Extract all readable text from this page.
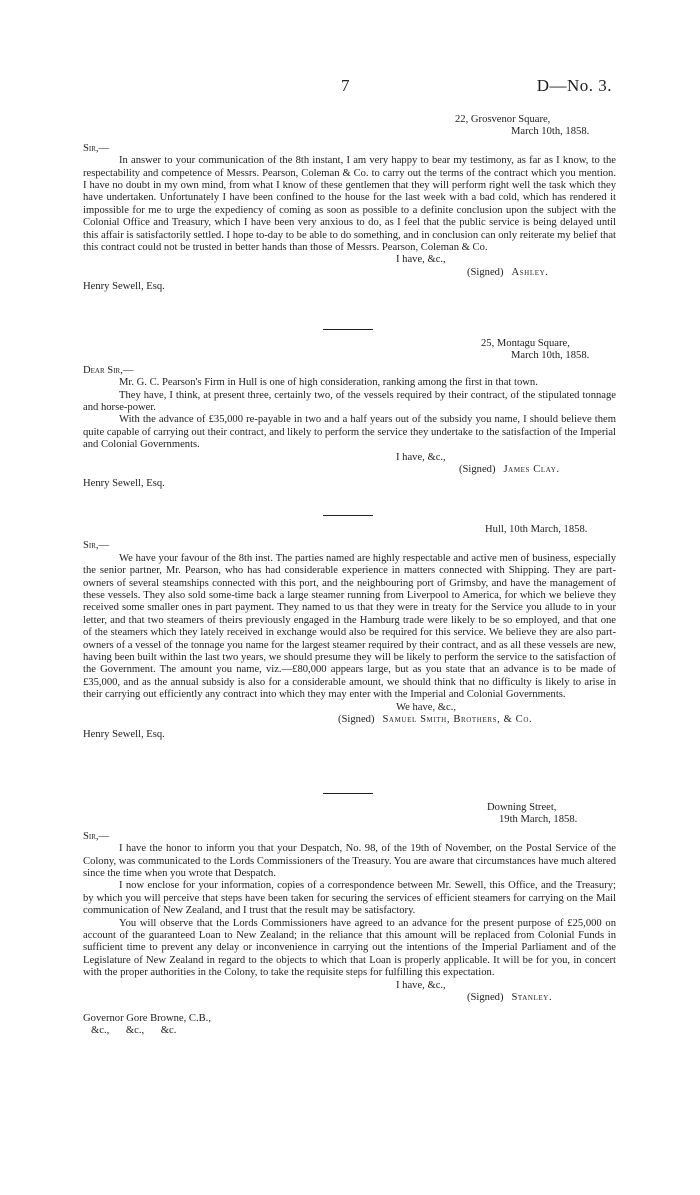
7	D—No. 3.
22, Grosvenor Square,
March 10th, 1858.
Sir,—

In answer to your communication of the 8th instant, I am very happy to bear my testimony, as far as I know, to the respectability and competence of Messrs. Pearson, Coleman & Co. to carry out the terms of the contract which you mention. I have no doubt in my own mind, from what I know of these gentlemen that they will perform right well the task which they have undertaken. Unfortunately I have been confined to the house for the last week with a bad cold, which has rendered it impossible for me to urge the expediency of coming as soon as possible to a definite conclusion upon the subject with the Colonial Office and Treasury, which I have been very anxious to do, as I feel that the public service is being delayed until this affair is satisfactorily settled. I hope to-day to be able to do something, and in conclusion can only reiterate my belief that this contract could not be trusted in better hands than those of Messrs. Pearson, Coleman & Co.

I have, &c.,
(Signed) Ashley.
Henry Sewell, Esq.
25, Montagu Square,
March 10th, 1858.
Dear Sir,—

Mr. G. C. Pearson's Firm in Hull is one of high consideration, ranking among the first in that town.

They have, I think, at present three, certainly two, of the vessels required by their contract, of the stipulated tonnage and horse-power.

With the advance of £35,000 re-payable in two and a half years out of the subsidy you name, I should believe them quite capable of carrying out their contract, and likely to perform the service they undertake to the satisfaction of the Imperial and Colonial Governments.

I have, &c.,
(Signed) James Clay.
Henry Sewell, Esq.
Hull, 10th March, 1858.
Sir,—

We have your favour of the 8th inst. The parties named are highly respectable and active men of business, especially the senior partner, Mr. Pearson, who has had considerable experience in matters connected with Shipping. They are part-owners of several steamships connected with this port, and the neighbouring port of Grimsby, and have the management of these vessels. They also sold some-time back a large steamer running from Liverpool to America, for which we believe they received some smaller ones in part payment. They named to us that they were in treaty for the Service you allude to in your letter, and that two steamers of theirs previously engaged in the Hamburg trade were likely to be so employed, and that one of the steamers which they lately received in exchange would also be required for this service. We believe they are also part-owners of a vessel of the tonnage you name for the largest steamer required by their contract, and as all these vessels are new, having been built within the last two years, we should presume they will be likely to perform the service to the satisfaction of the Government. The amount you name, viz.—£80,000 appears large, but as you state that an advance is to be made of £35,000, and as the annual subsidy is also for a considerable amount, we should think that no difficulty is likely to arise in their carrying out efficiently any contract into which they may enter with the Imperial and Colonial Governments.

We have, &c.,
(Signed) Samuel Smith, Brothers, & Co.
Henry Sewell, Esq.
Downing Street,
19th March, 1858.
Sir,—

I have the honor to inform you that your Despatch, No. 98, of the 19th of November, on the Postal Service of the Colony, was communicated to the Lords Commissioners of the Treasury. You are aware that circumstances have much altered since the time when you wrote that Despatch.

I now enclose for your information, copies of a correspondence between Mr. Sewell, this Office, and the Treasury; by which you will perceive that steps have been taken for securing the services of efficient steamers for carrying on the Mail communication of New Zealand, and I trust that the result may be satisfactory.

You will observe that the Lords Commissioners have agreed to an advance for the present purpose of £25,000 on account of the guaranteed Loan to New Zealand; in the reliance that this amount will be replaced from Colonial Funds in sufficient time to prevent any delay or inconvenience in carrying out the intentions of the Imperial Parliament and of the Legislature of New Zealand in regard to the objects to which that Loan is properly applicable. It will be for you, in concert with the proper authorities in the Colony, to take the requisite steps for fulfilling this expectation.

I have, &c.,
(Signed) Stanley.
Governor Gore Browne, C.B.,
&c., &c., &c.
